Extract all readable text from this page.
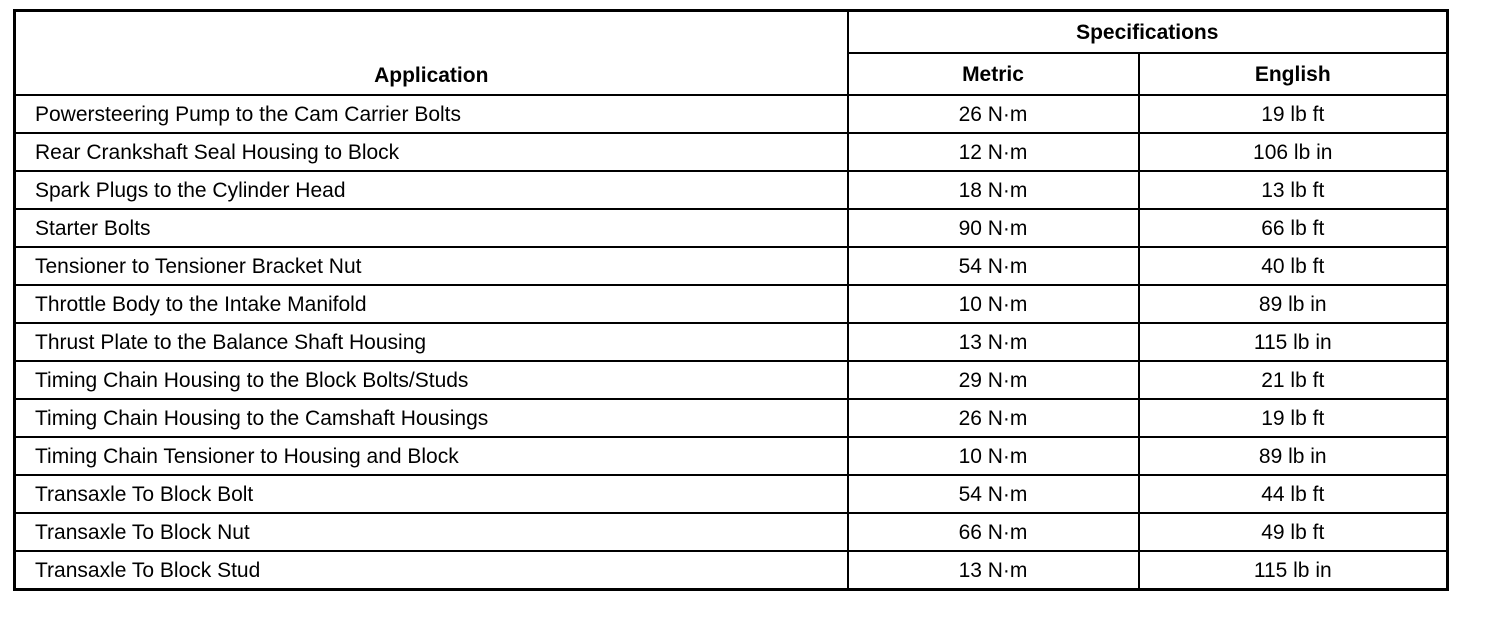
Application	Specifications	
	Metric	English
Powersteering Pump to the Cam Carrier Bolts	26 N·m	19 lb ft
Rear Crankshaft Seal Housing to Block	12 N·m	106 lb in
Spark Plugs to the Cylinder Head	18 N·m	13 lb ft
Starter Bolts	90 N·m	66 lb ft
Tensioner to Tensioner Bracket Nut	54 N·m	40 lb ft
Throttle Body to the Intake Manifold	10 N·m	89 lb in
Thrust Plate to the Balance Shaft Housing	13 N·m	115 lb in
Timing Chain Housing to the Block Bolts/Studs	29 N·m	21 lb ft
Timing Chain Housing to the Camshaft Housings	26 N·m	19 lb ft
Timing Chain Tensioner to Housing and Block	10 N·m	89 lb in
Transaxle To Block Bolt	54 N·m	44 lb ft
Transaxle To Block Nut	66 N·m	49 lb ft
Transaxle To Block Stud	13 N·m	115 lb in
